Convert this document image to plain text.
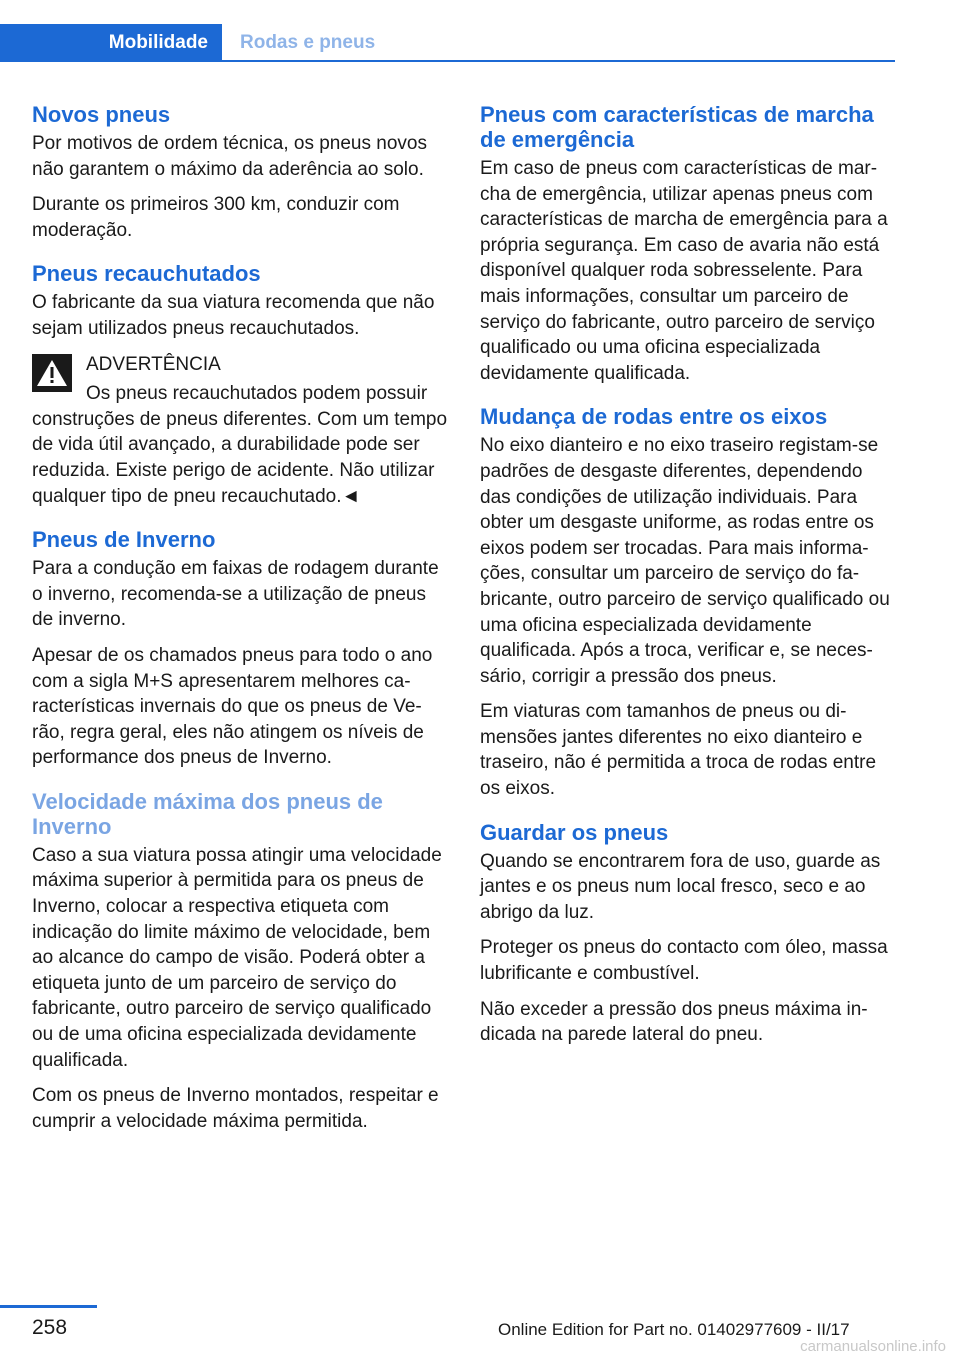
Mobilidade	Rodas e pneus
Novos pneus

Por motivos de ordem técnica, os pneus novos não garantem o máximo da aderência ao solo.

Durante os primeiros 300 km, conduzir com moderação.

Pneus recauchutados

O fabricante da sua viatura recomenda que não sejam utilizados pneus recauchutados.

ADVERTÊNCIA

Os pneus recauchutados podem possuir construções de pneus diferentes. Com um tempo de vida útil avançado, a durabilidade pode ser reduzida. Existe perigo de acidente. Não utilizar qualquer tipo de pneu recauchutado.◄

Pneus de Inverno

Para a condução em faixas de rodagem durante o inverno, recomenda-se a utilização de pneus de inverno.

Apesar de os chamados pneus para todo o ano com a sigla M+S apresentarem melhores características invernais do que os pneus de Verão, regra geral, eles não atingem os níveis de performance dos pneus de Inverno.

Velocidade máxima dos pneus de Inverno

Caso a sua viatura possa atingir uma velocidade máxima superior à permitida para os pneus de Inverno, colocar a respectiva etiqueta com indicação do limite máximo de velocidade, bem ao alcance do campo de visão. Poderá obter a etiqueta junto de um parceiro de serviço do fabricante, outro parceiro de serviço qualificado ou de uma oficina especializada devidamente qualificada.

Com os pneus de Inverno montados, respeitar e cumprir a velocidade máxima permitida.

Pneus com características de marcha de emergência

Em caso de pneus com características de marcha de emergência, utilizar apenas pneus com características de marcha de emergência para a própria segurança. Em caso de avaria não está disponível qualquer roda sobresselente. Para mais informações, consultar um parceiro de serviço do fabricante, outro parceiro de serviço qualificado ou uma oficina especializada devidamente qualificada.

Mudança de rodas entre os eixos

No eixo dianteiro e no eixo traseiro registam-se padrões de desgaste diferentes, dependendo das condições de utilização individuais. Para obter um desgaste uniforme, as rodas entre os eixos podem ser trocadas. Para mais informações, consultar um parceiro de serviço do fabricante, outro parceiro de serviço qualificado ou uma oficina especializada devidamente qualificada. Após a troca, verificar e, se necessário, corrigir a pressão dos pneus.

Em viaturas com tamanhos de pneus ou dimensões jantes diferentes no eixo dianteiro e traseiro, não é permitida a troca de rodas entre os eixos.

Guardar os pneus

Quando se encontrarem fora de uso, guarde as jantes e os pneus num local fresco, seco e ao abrigo da luz.

Proteger os pneus do contacto com óleo, massa lubrificante e combustível.

Não exceder a pressão dos pneus máxima indicada na parede lateral do pneu.

258	Online Edition for Part no. 01402977609 - II/17
carmanualsonline.info
